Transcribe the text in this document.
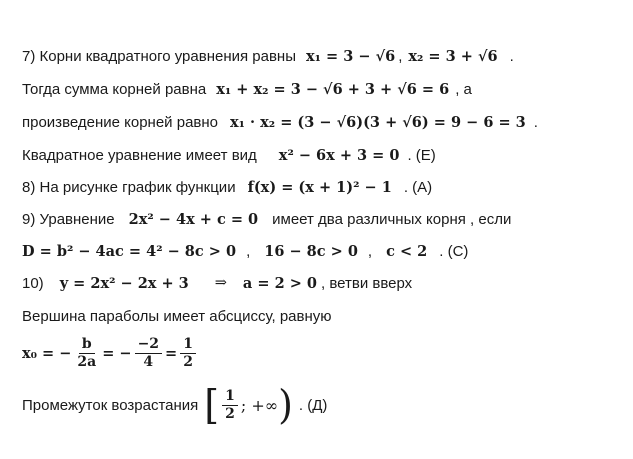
7) Корни квадратного уравнения равны x₁ = 3 − √6 , x₂ = 3 + √6 .
Тогда сумма корней равна x₁ + x₂ = 3 − √6 + 3 + √6 = 6 , а
произведение корней равно x₁ · x₂ = (3 − √6)(3 + √6) = 9 − 6 = 3 .
Квадратное уравнение имеет вид x² − 6x + 3 = 0 . (Е)
8) На рисунке график функции f(x) = (x + 1)² − 1 . (А)
9) Уравнение 2x² − 4x + c = 0 имеет два различных корня , если
D = b² − 4ac = 4² − 8c > 0 , 16 − 8c > 0 , c < 2 . (С)
10) y = 2x² − 2x + 3 ⇒ a = 2 > 0 , ветви вверх
Вершина параболы имеет абсциссу, равную
x₀ = − $\frac{b}{2a}$ = − $\frac{-2}{4} = \frac{1}{2}$
Промежуток возрастания [ $\frac{1}{2}$ ; +∞ ) . (Д)
